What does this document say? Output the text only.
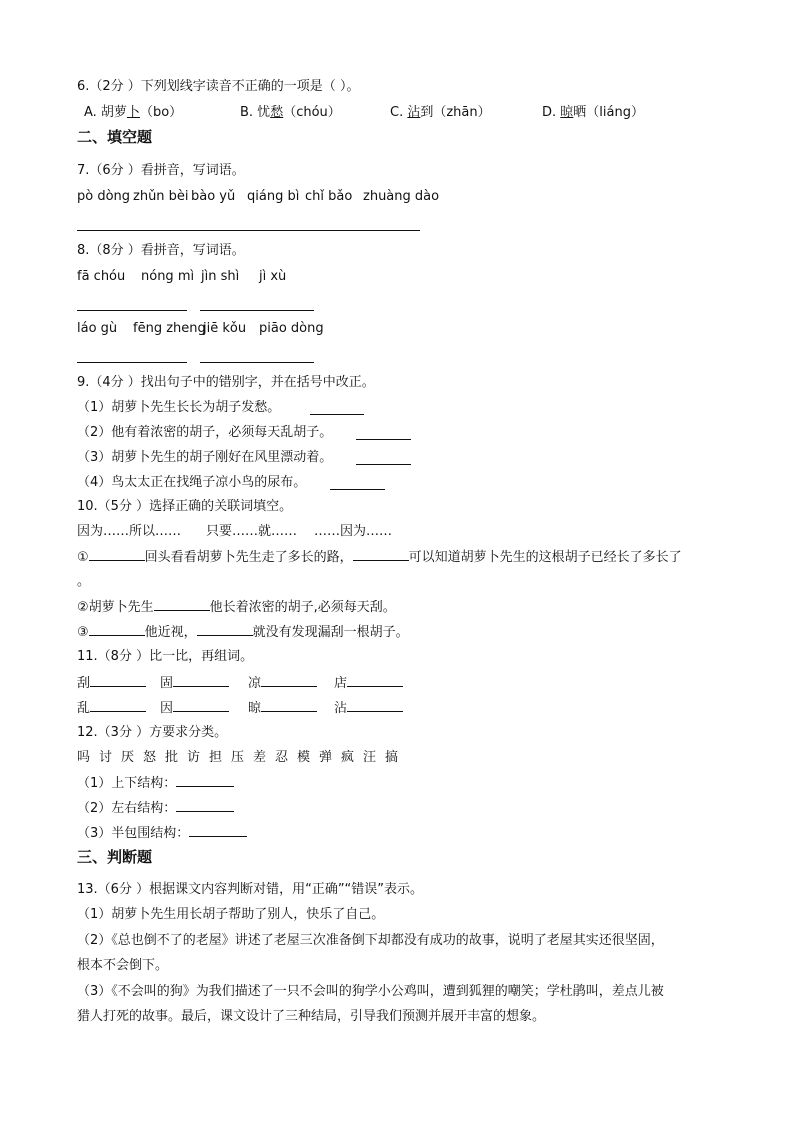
6.（2分 ）下列划线字读音不正确的一项是（ ）。
A. 胡萝卜（bo）	B. 忧愁（chóu）	C. 沾到（zhān）	D. 晾晒（liáng）
二、填空题
7.（6分 ）看拼音，写词语。
pò dòng zhǔn bèi bào yǔ qiáng bì chǐ bǎo zhuàng dào
8.（8分 ）看拼音，写词语。
fā chóu nóng mì jìn shì jì xù
láo gù fēng zhengjiē kǒu piāo dòng
9.（4分 ）找出句子中的错别字，并在括号中改正。
（1）胡萝卜先生长长为胡子发愁。
（2）他有着浓密的胡子，必须每天乱胡子。
（3）胡萝卜先生的胡子刚好在风里漂动着。
（4）鸟太太正在找绳子凉小鸟的尿布。
10.（5分 ）选择正确的关联词填空。
因为……所以…… 只要……就…… ……因为……
①	回头看看胡萝卜先生走了多长的路，	可以知道胡萝卜先生的这根胡子已经长了多长了
。
②胡萝卜先生	他长着浓密的胡子,必须每天刮。
③	他近视，	就没有发现漏刮一根胡子。
11.（8分 ）比一比，再组词。
刮	固	凉	店
乱	因	晾	沾
12.（3分 ）方要求分类。
吗 讨 厌 怒 批 访 担 压 差 忍 模 弹 疯 汪 搞
（1）上下结构：
（2）左右结构：
（3）半包围结构：
三、判断题
13.（6分 ）根据课文内容判断对错，用“正确”“错误”表示。
（1）胡萝卜先生用长胡子帮助了别人，快乐了自己。
（2）《总也倒不了的老屋》讲述了老屋三次准备倒下却都没有成功的故事，说明了老屋其实还很坚固，
根本不会倒下。
（3）《不会叫的狗》为我们描述了一只不会叫的狗学小公鸡叫，遭到狐狸的嘲笑；学杜鹃叫，差点儿被
猎人打死的故事。最后，课文设计了三种结局，引导我们预测并展开丰富的想象。
